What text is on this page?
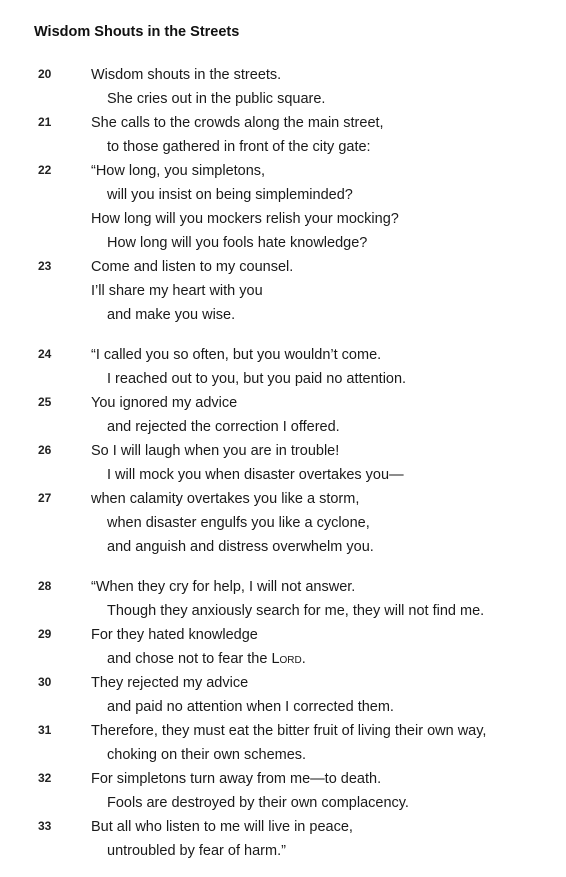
Wisdom Shouts in the Streets
20	Wisdom shouts in the streets.
She cries out in the public square.
21	She calls to the crowds along the main street,
to those gathered in front of the city gate:
22	“How long, you simpletons,
will you insist on being simpleminded?
How long will you mockers relish your mocking?
How long will you fools hate knowledge?
23	Come and listen to my counsel.
I’ll share my heart with you
and make you wise.
24	“I called you so often, but you wouldn’t come.
I reached out to you, but you paid no attention.
25	You ignored my advice
and rejected the correction I offered.
26	So I will laugh when you are in trouble!
I will mock you when disaster overtakes you—
27	when calamity overtakes you like a storm,
when disaster engulfs you like a cyclone,
and anguish and distress overwhelm you.
28	“When they cry for help, I will not answer.
Though they anxiously search for me, they will not find me.
29	For they hated knowledge
and chose not to fear the Lord.
30	They rejected my advice
and paid no attention when I corrected them.
31	Therefore, they must eat the bitter fruit of living their own way,
choking on their own schemes.
32	For simpletons turn away from me—to death.
Fools are destroyed by their own complacency.
33	But all who listen to me will live in peace,
untroubled by fear of harm.”
